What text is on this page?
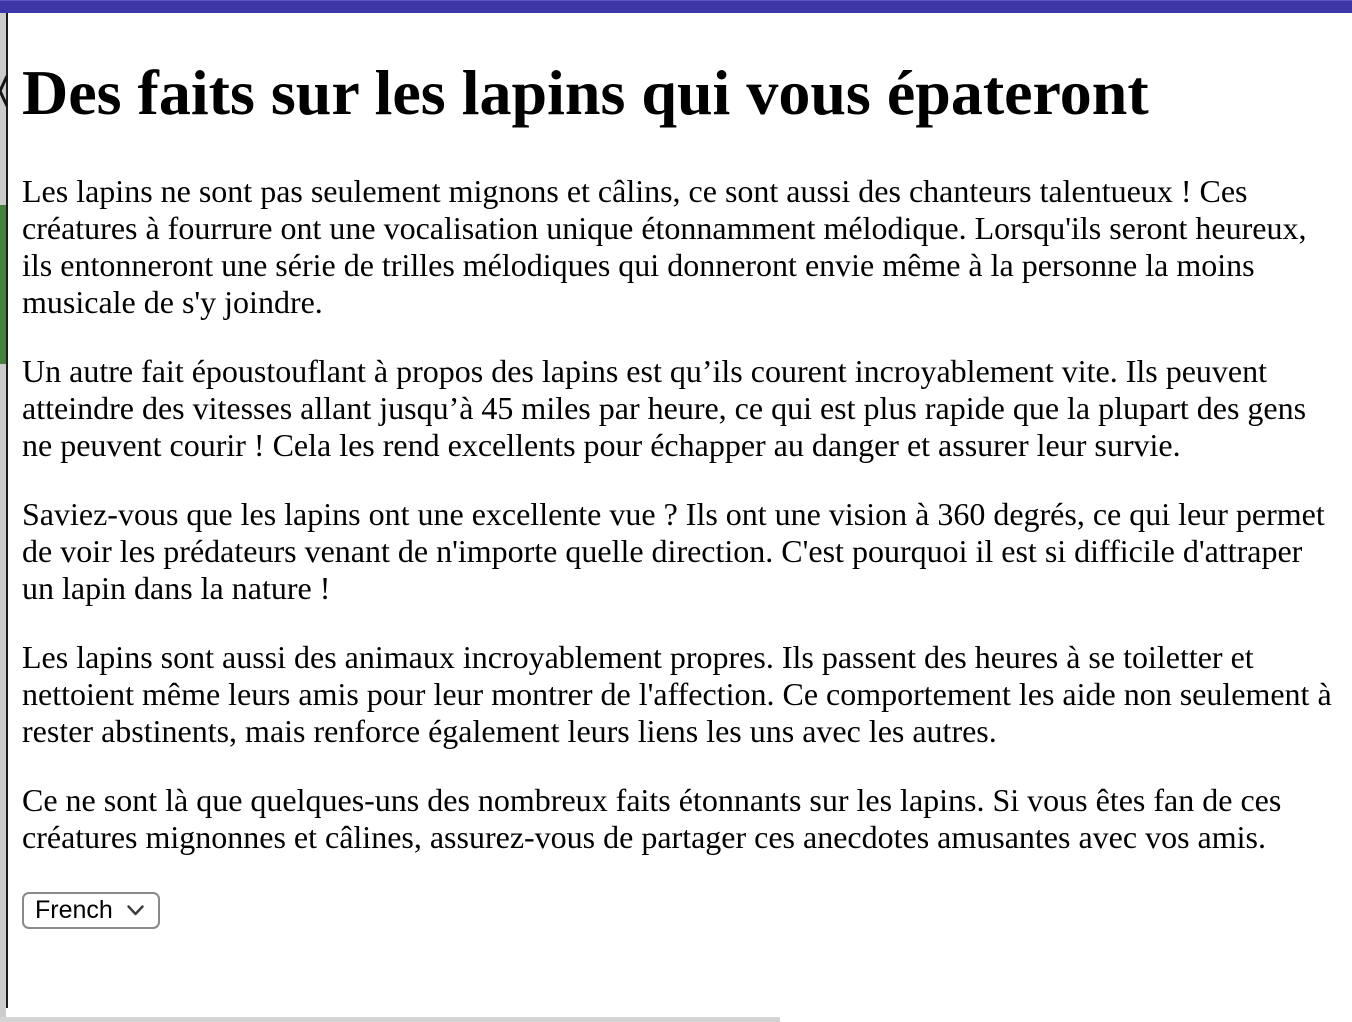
Des faits sur les lapins qui vous épateront

Les lapins ne sont pas seulement mignons et câlins, ce sont aussi des chanteurs talentueux ! Ces créatures à fourrure ont une vocalisation unique étonnamment mélodique. Lorsqu'ils seront heureux, ils entonneront une série de trilles mélodiques qui donneront envie même à la personne la moins musicale de s'y joindre.

Un autre fait époustouflant à propos des lapins est qu’ils courent incroyablement vite. Ils peuvent atteindre des vitesses allant jusqu’à 45 miles par heure, ce qui est plus rapide que la plupart des gens ne peuvent courir ! Cela les rend excellents pour échapper au danger et assurer leur survie.

Saviez-vous que les lapins ont une excellente vue ? Ils ont une vision à 360 degrés, ce qui leur permet de voir les prédateurs venant de n'importe quelle direction. C'est pourquoi il est si difficile d'attraper un lapin dans la nature !

Les lapins sont aussi des animaux incroyablement propres. Ils passent des heures à se toiletter et nettoient même leurs amis pour leur montrer de l'affection. Ce comportement les aide non seulement à rester abstinents, mais renforce également leurs liens les uns avec les autres.

Ce ne sont là que quelques-uns des nombreux faits étonnants sur les lapins. Si vous êtes fan de ces créatures mignonnes et câlines, assurez-vous de partager ces anecdotes amusantes avec vos amis.

French
